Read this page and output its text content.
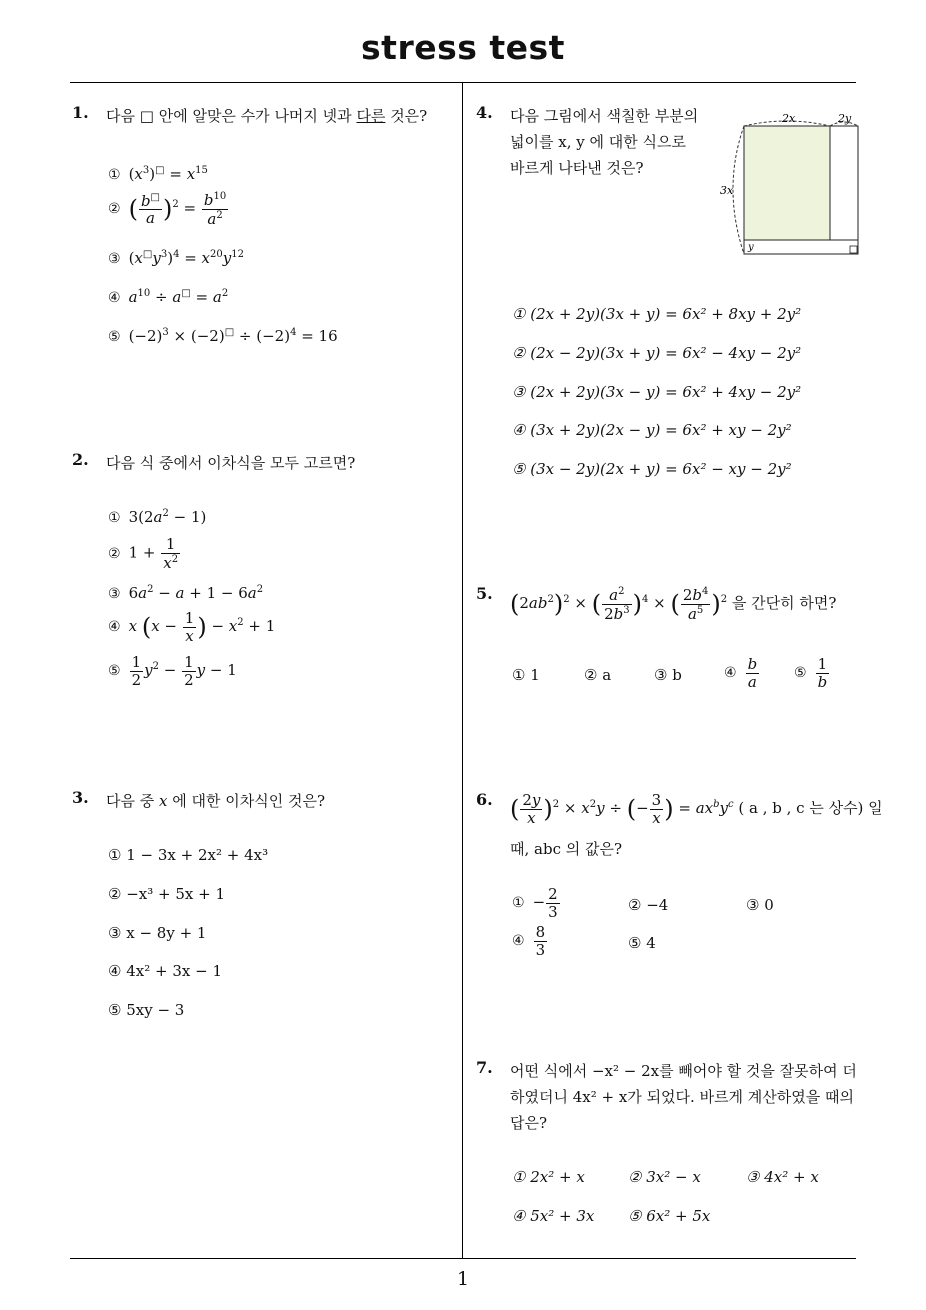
stress test
1
1. 다음 □ 안에 알맞은 수가 나머지 넷과 다른 것은?
① $(x^3)^□ = x^{15}$
② ( $\frac{b^□}{a} )^2 = \frac{b^{10}}{a^2}$
③ $(x^□y^3)^4 = x^{20}y^{12}$
④ $a^{10} \div a^□ = a^2$
⑤ $(-2)^3 \times (-2)^□ \div (-2)^4 = 16$
2. 다음 식 중에서 이차식을 모두 고르면?
① $3(2a^2 - 1)$
② $1 + \frac{1}{x^2}$
③ $6a^2 - a + 1 - 6a^2$
④ x ($x - \frac{1}{x}$ ) − $x^2 + 1$
⑤ $\frac{1}{2} y^2 - \frac{1}{2}$ y − 1
3. 다음 중 x 에 대한 이차식인 것은?
① 1 − 3x + 2x² + 4x³
② −x³ + 5x + 1
③ x − 8y + 1
④ 4x² + 3x − 1
⑤ 5xy − 3
4. 다음 그림에서 색칠한 부분의
넓이를 x, y 에 대한 식으로
바르게 나타낸 것은?
2x	2y
3x
y
① (2x + 2y)(3x + y) = 6x² + 8xy + 2y²
② (2x − 2y)(3x + y) = 6x² − 4xy − 2y²
③ (2x + 2y)(3x − y) = 6x² + 4xy − 2y²
④ (3x + 2y)(2x − y) = 6x² + xy − 2y²
⑤ (3x − 2y)(2x + y) = 6x² − xy − 2y²
5. $(2ab^2)^2$ × ( $\frac{a^2}{2b^3} )^4$ × ( $\frac{2b^4}{a^5} )^2$ 을 간단히 하면?
① 1	② a	③ b	④ $\frac{b}{a}$ ⑤ $\frac{1}{b}$
6. ( $\frac{2y}{x} )^2 \times x^2y$ ÷ (− $\frac{3}{x}$ ) = $ax^by^c$ ( a , b , c 는 상수) 일
때, abc 의 값은?
① − $\frac{2}{3}$	② −4	③ 0
④ $\frac{8}{3}$	⑤ 4
7. 어떤 식에서 −x² − 2x를 빼어야 할 것을 잘못하여 더
하였더니 4x² + x가 되었다. 바르게 계산하였을 때의
답은?
① 2x² + x	② 3x² − x	③ 4x² + x
④ 5x² + 3x ⑤ 6x² + 5x
